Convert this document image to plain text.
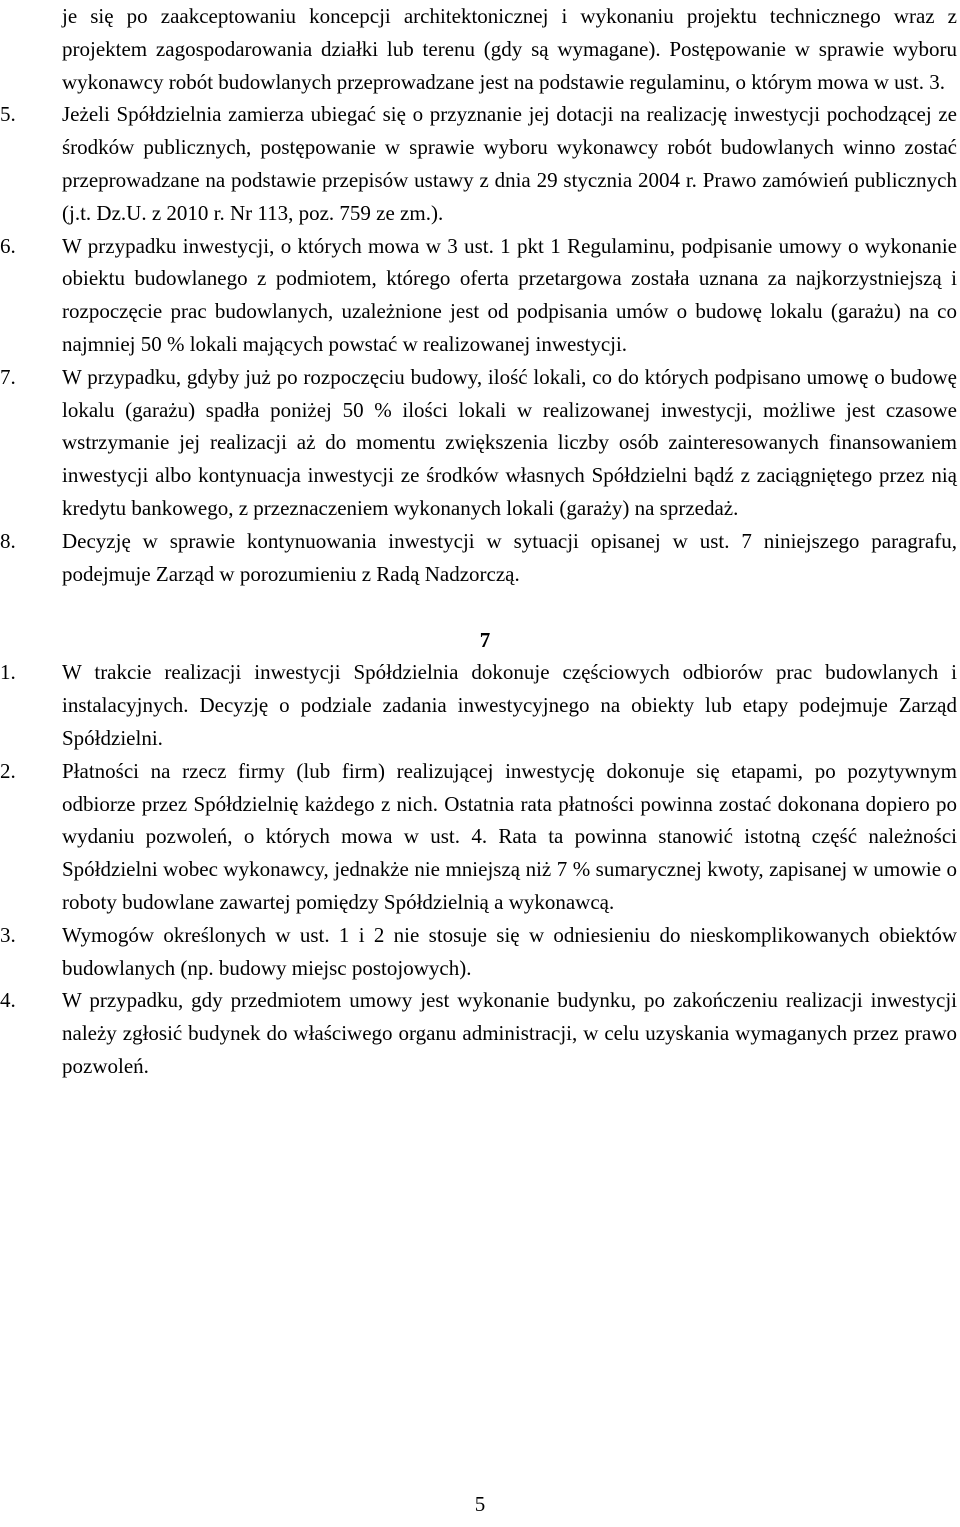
je się po zaakceptowaniu koncepcji architektonicznej i wykonaniu projektu technicznego wraz z projektem zagospodarowania działki lub terenu (gdy są wymagane). Postępowanie w sprawie wyboru wykonawcy robót budowlanych przeprowadzane jest na podstawie regulaminu, o którym mowa w ust. 3.
5.	Jeżeli Spółdzielnia zamierza ubiegać się o przyznanie jej dotacji na realizację inwestycji pochodzącej ze środków publicznych, postępowanie w sprawie wyboru wykonawcy robót budowlanych winno zostać przeprowadzane na podstawie przepisów ustawy z dnia 29 stycznia 2004 r. Prawo zamówień publicznych (j.t. Dz.U. z 2010 r. Nr 113, poz. 759 ze zm.).
6.	W przypadku inwestycji, o których mowa w 3 ust. 1 pkt 1 Regulaminu, podpisanie umowy o wykonanie obiektu budowlanego z podmiotem, którego oferta przetargowa została uznana za najkorzystniejszą i rozpoczęcie prac budowlanych, uzależnione jest od podpisania umów o budowę lokalu (garażu) na co najmniej 50 % lokali mających powstać w realizowanej inwestycji.
7.	W przypadku, gdyby już po rozpoczęciu budowy, ilość lokali, co do których podpisano umowę o budowę lokalu (garażu) spadła poniżej 50 % ilości lokali w realizowanej inwestycji, możliwe jest czasowe wstrzymanie jej realizacji aż do momentu zwiększenia liczby osób zainteresowanych finansowaniem inwestycji albo kontynuacja inwestycji ze środków własnych Spółdzielni bądź z zaciągniętego przez nią kredytu bankowego, z przeznaczeniem wykonanych lokali (garaży) na sprzedaż.
8.	Decyzję w sprawie kontynuowania inwestycji w sytuacji opisanej w ust. 7 niniejszego paragrafu, podejmuje Zarząd w porozumieniu z Radą Nadzorczą.
7
1.	W trakcie realizacji inwestycji Spółdzielnia dokonuje częściowych odbiorów prac budowlanych i instalacyjnych. Decyzję o podziale zadania inwestycyjnego na obiekty lub etapy podejmuje Zarząd Spółdzielni.
2.	Płatności na rzecz firmy (lub firm) realizującej inwestycję dokonuje się etapami, po pozytywnym odbiorze przez Spółdzielnię każdego z nich. Ostatnia rata płatności powinna zostać dokonana dopiero po wydaniu pozwoleń, o których mowa w ust. 4. Rata ta powinna stanowić istotną część należności Spółdzielni wobec wykonawcy, jednakże nie mniejszą niż 7 % sumarycznej kwoty, zapisanej w umowie o roboty budowlane zawartej pomiędzy Spółdzielnią a wykonawcą.
3.	Wymogów określonych w ust. 1 i 2 nie stosuje się w odniesieniu do nieskomplikowanych obiektów budowlanych (np. budowy miejsc postojowych).
4.	W przypadku, gdy przedmiotem umowy jest wykonanie budynku, po zakończeniu realizacji inwestycji należy zgłosić budynek do właściwego organu administracji, w celu uzyskania wymaganych przez prawo pozwoleń.
5
